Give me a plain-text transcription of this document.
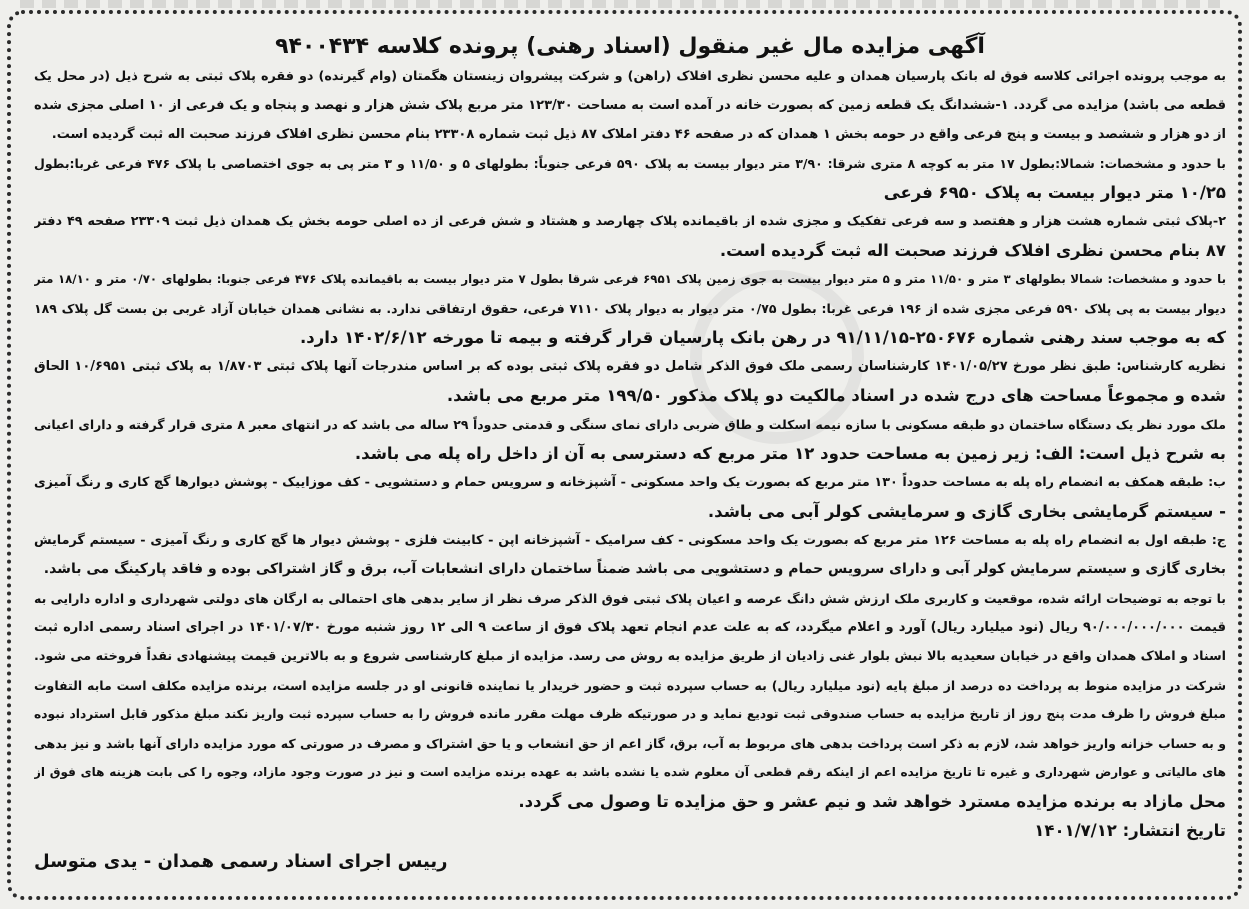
آگهی مزایده مال غیر منقول (اسناد رهنی) پرونده کلاسه ۹۴۰۰۴۳۴
به موجب پرونده اجرائی کلاسه فوق له بانک پارسیان همدان و علیه محسن نظری افلاک (راهن) و شرکت پیشروان زینستان هگمتان (وام گیرنده) دو فقره پلاک ثبتی به شرح ذیل (در محل یک
قطعه می باشد) مزایده می گردد. ۱-ششدانگ یک قطعه زمین که بصورت خانه در آمده است به مساحت ۱۲۳/۳۰ متر مربع پلاک شش هزار و نهصد و پنجاه و یک فرعی از ۱۰ اصلی مجزی شده
از دو هزار و ششصد و بیست و پنج فرعی واقع در حومه بخش ۱ همدان که در صفحه ۴۶ دفتر املاک ۸۷ ذیل ثبت شماره ۲۳۳۰۸ بنام محسن نظری افلاک فرزند صحبت اله ثبت گردیده است.
با حدود و مشخصات: شمالا:بطول ۱۷ متر به کوچه ۸ متری شرقا: ۳/۹۰ متر دیوار بیست به پلاک ۵۹۰ فرعی جنوباً: بطولهای ۵ و ۱۱/۵۰ و ۳ متر پی به جوی اختصاصی با پلاک ۴۷۶ فرعی غربا:بطول
۱۰/۲۵ متر دیوار بیست به پلاک ۶۹۵۰ فرعی
۲-پلاک ثبتی شماره هشت هزار و هفتصد و سه فرعی تفکیک و مجزی شده از باقیمانده پلاک چهارصد و هشتاد و شش فرعی از ده اصلی حومه بخش یک همدان ذیل ثبت ۲۳۳۰۹ صفحه ۴۹ دفتر
۸۷ بنام محسن نظری افلاک فرزند صحبت اله ثبت گردیده است.
با حدود و مشخصات: شمالا بطولهای ۳ متر و ۱۱/۵۰ متر و ۵ متر دیوار بیست به جوی زمین پلاک ۶۹۵۱ فرعی شرقا بطول ۷ متر دیوار بیست به باقیمانده پلاک ۴۷۶ فرعی جنوبا: بطولهای ۰/۷۰ متر و ۱۸/۱۰ متر
دیوار بیست به پی پلاک ۵۹۰ فرعی مجزی شده از ۱۹۶ فرعی غربا: بطول ۰/۷۵ متر دیوار به دیوار پلاک ۷۱۱۰ فرعی، حقوق ارتفاقی ندارد. به نشانی همدان خیابان آزاد غربی بن بست گل پلاک ۱۸۹
که به موجب سند رهنی شماره ۲۵۰۶۷۶-۹۱/۱۱/۱۵ در رهن بانک پارسیان قرار گرفته و بیمه تا مورخه ۱۴۰۲/۶/۱۲ دارد.
نظریه کارشناس: طبق نظر مورخ ۱۴۰۱/۰۵/۲۷ کارشناسان رسمی ملک فوق الذکر شامل دو فقره پلاک ثبتی بوده که بر اساس مندرجات آنها پلاک ثبتی ۱/۸۷۰۳ به پلاک ثبتی ۱۰/۶۹۵۱ الحاق
شده و مجموعاً مساحت های درج شده در اسناد مالکیت دو پلاک مذکور ۱۹۹/۵۰ متر مربع می باشد.
ملک مورد نظر یک دستگاه ساختمان دو طبقه مسکونی با سازه نیمه اسکلت و طاق ضربی دارای نمای سنگی و قدمتی حدوداً ۲۹ ساله می باشد که در انتهای معبر ۸ متری قرار گرفته و دارای اعیانی
به شرح ذیل است: الف: زیر زمین به مساحت حدود ۱۲ متر مربع که دسترسی به آن از داخل راه پله می باشد.
ب: طبقه همکف به انضمام راه پله به مساحت حدوداً ۱۳۰ متر مربع که بصورت یک واحد مسکونی - آشپزخانه و سرویس حمام و دستشویی - کف موزاییک - پوشش دیوارها گچ کاری و رنگ آمیزی
- سیستم گرمایشی بخاری گازی و سرمایشی کولر آبی می باشد.
ج: طبقه اول به انضمام راه پله به مساحت ۱۲۶ متر مربع که بصورت یک واحد مسکونی - کف سرامیک - آشپزخانه اپن - کابینت فلزی - پوشش دیوار ها گچ کاری و رنگ آمیزی - سیستم گرمایش
بخاری گازی و سیستم سرمایش کولر آبی و دارای سرویس حمام و دستشویی می باشد ضمناً ساختمان دارای انشعابات آب، برق و گاز اشتراکی بوده و فاقد پارکینگ می باشد.
با توجه به توضیحات ارائه شده، موقعیت و کاربری ملک ارزش شش دانگ عرصه و اعیان پلاک ثبتی فوق الذکر صرف نظر از سایر بدهی های احتمالی به ارگان های دولتی شهرداری و اداره دارایی به
قیمت ۹۰/۰۰۰/۰۰۰/۰۰۰ ریال (نود میلیارد ریال) آورد و اعلام میگردد، که به علت عدم انجام تعهد پلاک فوق از ساعت ۹ الی ۱۲ روز شنبه مورخ ۱۴۰۱/۰۷/۳۰ در اجرای اسناد رسمی اداره ثبت
اسناد و املاک همدان واقع در خیابان سعیدیه بالا نبش بلوار غنی زادیان از طریق مزایده به روش می رسد. مزایده از مبلغ کارشناسی شروع و به بالاترین قیمت پیشنهادی نقداً فروخته می شود.
شرکت در مزایده منوط به پرداخت ده درصد از مبلغ پایه (نود میلیارد ریال) به حساب سپرده ثبت و حضور خریدار یا نماینده قانونی او در جلسه مزایده است، برنده مزایده مکلف است مابه التفاوت
مبلغ فروش را ظرف مدت پنج روز از تاریخ مزایده به حساب صندوقی ثبت تودیع نماید و در صورتیکه ظرف مهلت مقرر مانده فروش را به حساب سپرده ثبت واریز نکند مبلغ مذکور قابل استرداد نبوده
و به حساب خزانه واریز خواهد شد، لازم به ذکر است پرداخت بدهی های مربوط به آب، برق، گاز اعم از حق انشعاب و یا حق اشتراک و مصرف در صورتی که مورد مزایده دارای آنها باشد و نیز بدهی
های مالیاتی و عوارض شهرداری و غیره تا تاریخ مزایده اعم از اینکه رقم قطعی آن معلوم شده یا نشده باشد به عهده برنده مزایده است و نیز در صورت وجود مازاد، وجوه را کی بابت هزینه های فوق از
محل مازاد به برنده مزایده مسترد خواهد شد و نیم عشر و حق مزایده تا وصول می گردد.
تاریخ انتشار: ۱۴۰۱/۷/۱۲
رییس اجرای اسناد رسمی همدان - یدی متوسل
